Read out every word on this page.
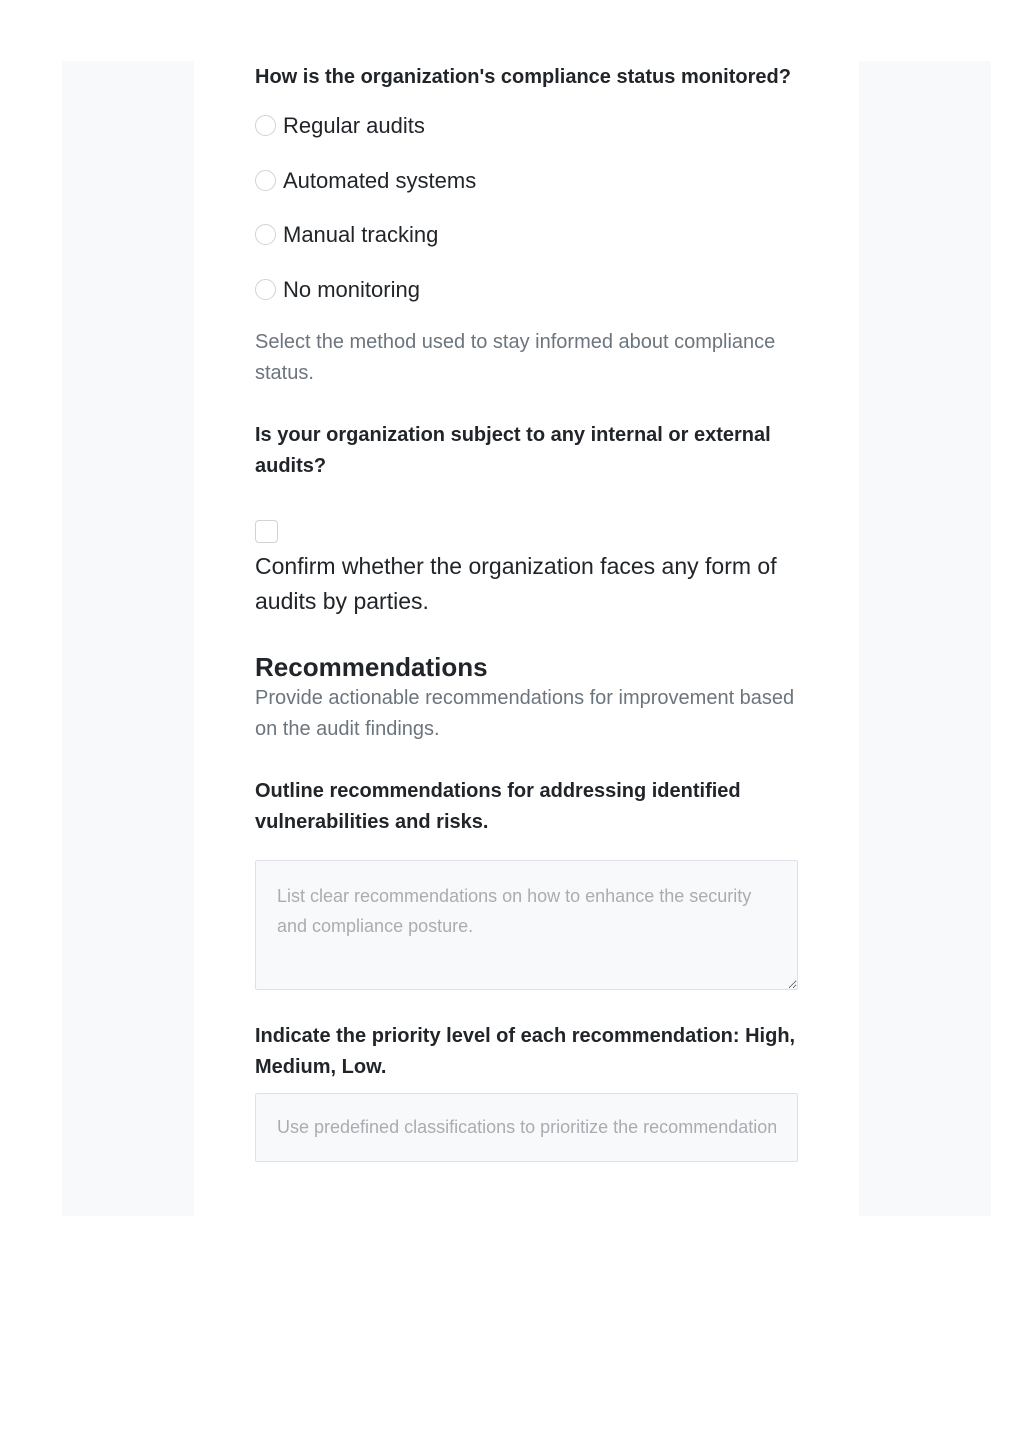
How is the organization's compliance status monitored?

Regular audits
Automated systems
Manual tracking
No monitoring

Select the method used to stay informed about compliance status.

Is your organization subject to any internal or external audits?

Confirm whether the organization faces any form of audits by parties.

Recommendations

Provide actionable recommendations for improvement based on the audit findings.

Outline recommendations for addressing identified vulnerabilities and risks.

List clear recommendations on how to enhance the security and compliance posture.

Indicate the priority level of each recommendation: High, Medium, Low.

Use predefined classifications to prioritize the recommendations.
